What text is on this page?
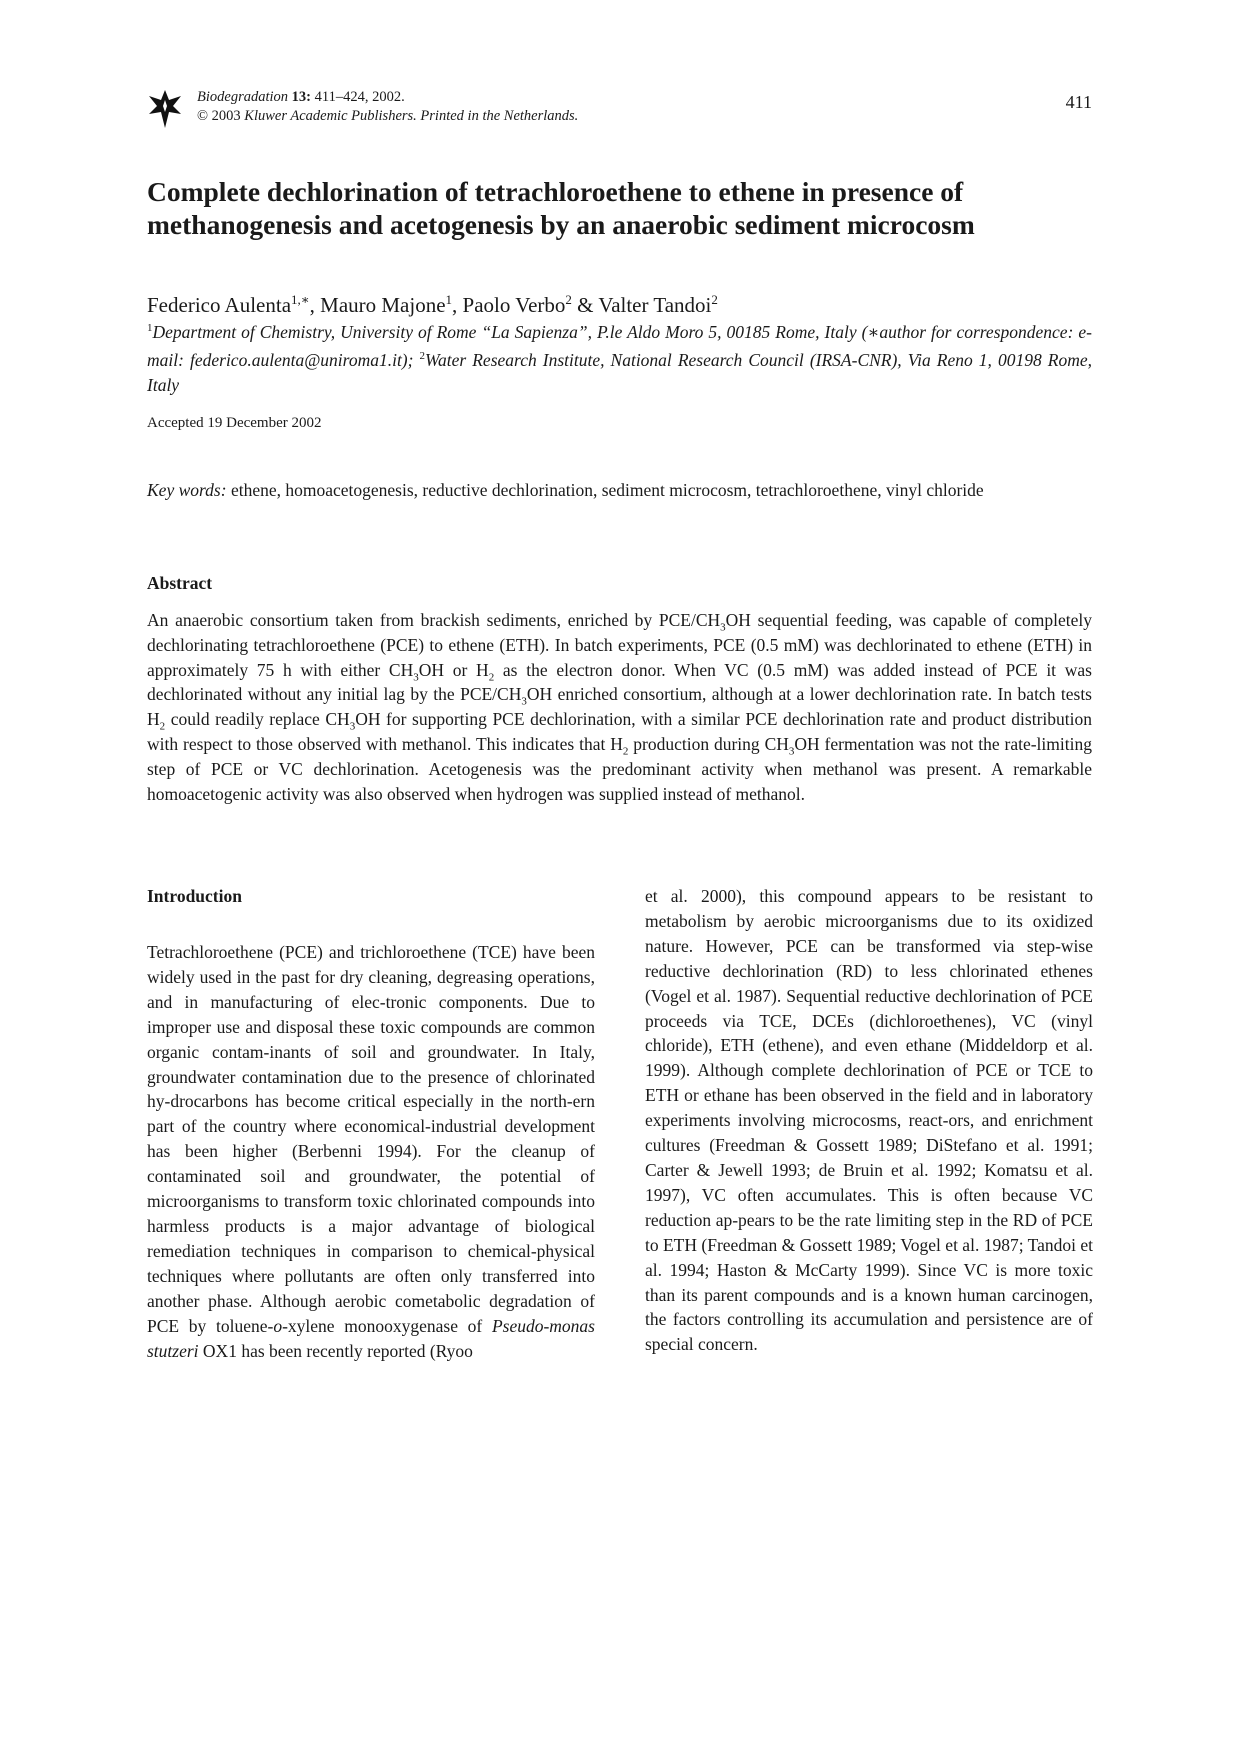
Biodegradation 13: 411–424, 2002.
© 2003 Kluwer Academic Publishers. Printed in the Netherlands.
411
Complete dechlorination of tetrachloroethene to ethene in presence of methanogenesis and acetogenesis by an anaerobic sediment microcosm
Federico Aulenta$^{1,∗}$, Mauro Majone$^1$, Paolo Verbo$^2$ & Valter Tandoi$^2$
$^1$Department of Chemistry, University of Rome “La Sapienza”, P.le Aldo Moro 5, 00185 Rome, Italy (∗author for correspondence: e-mail: federico.aulenta@uniroma1.it); $^2$Water Research Institute, National Research Council (IRSA-CNR), Via Reno 1, 00198 Rome, Italy
Accepted 19 December 2002
Key words: ethene, homoacetogenesis, reductive dechlorination, sediment microcosm, tetrachloroethene, vinyl chloride
Abstract

An anaerobic consortium taken from brackish sediments, enriched by PCE/$CH_3OH$ sequential feeding, was capable of completely dechlorinating tetrachloroethene (PCE) to ethene (ETH). In batch experiments, PCE (0.5 mM) was dechlorinated to ethene (ETH) in approximately 75 h with either $CH_3OH$ or $H_2$ as the electron donor. When VC (0.5 mM) was added instead of PCE it was dechlorinated without any initial lag by the PCE/$CH_3OH$ enriched consortium, although at a lower dechlorination rate. In batch tests $H_2$ could readily replace $CH_3OH$ for supporting PCE dechlorination, with a similar PCE dechlorination rate and product distribution with respect to those observed with methanol. This indicates that $H_2$ production during $CH_3OH$ fermentation was not the rate-limiting step of PCE or VC dechlorination. Acetogenesis was the predominant activity when methanol was present. A remarkable homoacetogenic activity was also observed when hydrogen was supplied instead of methanol.

Introduction

Tetrachloroethene (PCE) and trichloroethene (TCE) have been widely used in the past for dry cleaning, degreasing operations, and in manufacturing of elec-tronic components. Due to improper use and disposal these toxic compounds are common organic contam-inants of soil and groundwater. In Italy, groundwater contamination due to the presence of chlorinated hy-drocarbons has become critical especially in the north-ern part of the country where economical-industrial development has been higher (Berbenni 1994). For the cleanup of contaminated soil and groundwater, the potential of microorganisms to transform toxic chlorinated compounds into harmless products is a major advantage of biological remediation techniques in comparison to chemical-physical techniques where pollutants are often only transferred into another phase. Although aerobic cometabolic degradation of PCE by toluene-o-xylene monooxygenase of Pseudo-monas stutzeri OX1 has been recently reported (Ryoo

et al. 2000), this compound appears to be resistant to metabolism by aerobic microorganisms due to its oxidized nature. However, PCE can be transformed via step-wise reductive dechlorination (RD) to less chlorinated ethenes (Vogel et al. 1987). Sequential reductive dechlorination of PCE proceeds via TCE, DCEs (dichloroethenes), VC (vinyl chloride), ETH (ethene), and even ethane (Middeldorp et al. 1999). Although complete dechlorination of PCE or TCE to ETH or ethane has been observed in the field and in laboratory experiments involving microcosms, react-ors, and enrichment cultures (Freedman & Gossett 1989; DiStefano et al. 1991; Carter & Jewell 1993; de Bruin et al. 1992; Komatsu et al. 1997), VC often accumulates. This is often because VC reduction ap-pears to be the rate limiting step in the RD of PCE to ETH (Freedman & Gossett 1989; Vogel et al. 1987; Tandoi et al. 1994; Haston & McCarty 1999). Since VC is more toxic than its parent compounds and is a known human carcinogen, the factors controlling its accumulation and persistence are of special concern.
